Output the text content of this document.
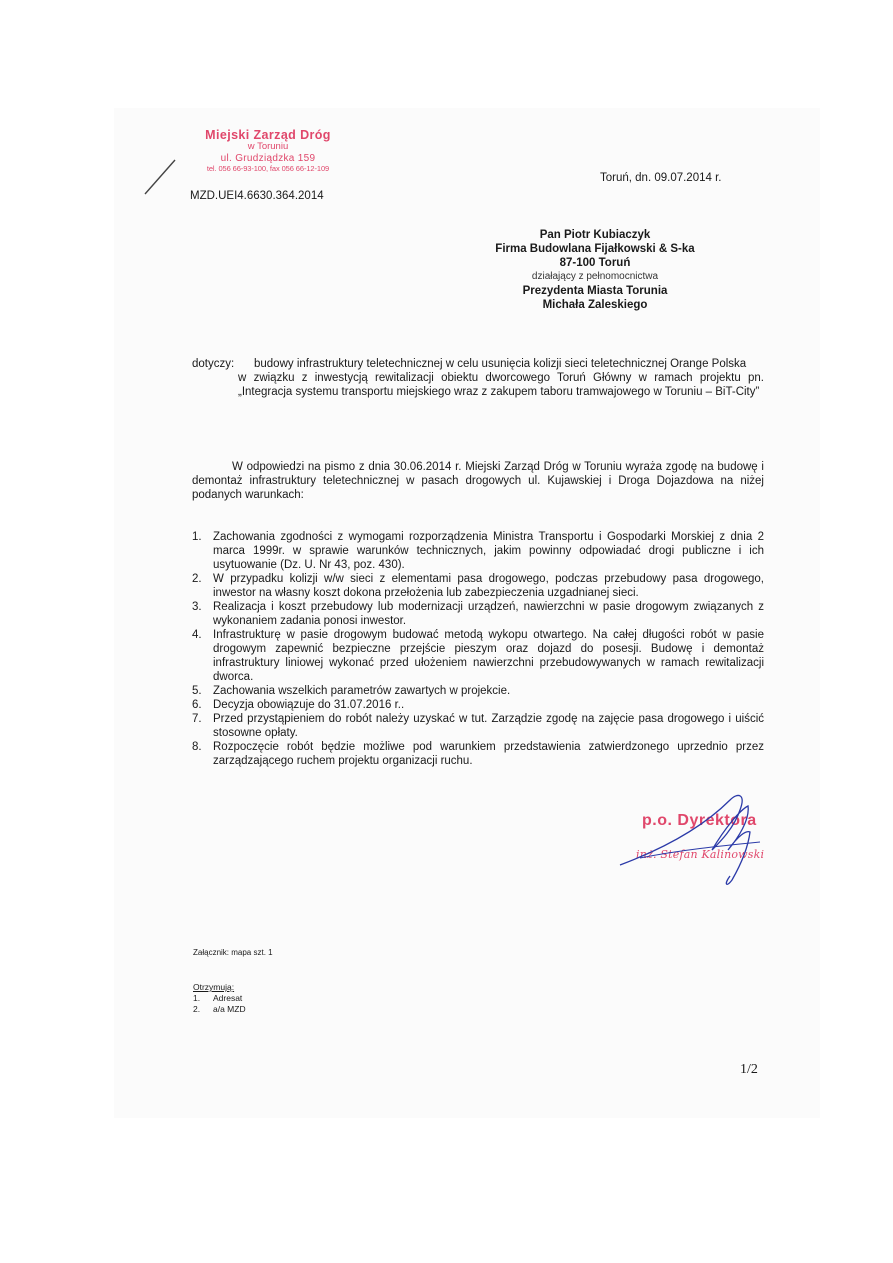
Miejski Zarząd Dróg
w Toruniu
ul. Grudziądzka 159
tel. 056 66-93-100, fax 056 66-12-109
MZD.UEI4.6630.364.2014
Toruń, dn. 09.07.2014 r.
Pan Piotr Kubiaczyk
Firma Budowlana Fijałkowski & S-ka
87-100 Toruń
działający z pełnomocnictwa
Prezydenta Miasta Torunia
Michała Zaleskiego
dotyczy:	budowy infrastruktury teletechnicznej w celu usunięcia kolizji sieci teletechnicznej Orange Polska
w związku z inwestycją rewitalizacji obiektu dworcowego Toruń Główny w ramach projektu pn. „Integracja systemu transportu miejskiego wraz z zakupem taboru tramwajowego w Toruniu – BiT-City”
W odpowiedzi na pismo z dnia 30.06.2014 r. Miejski Zarząd Dróg w Toruniu wyraża zgodę na budowę i demontaż infrastruktury teletechnicznej w pasach drogowych ul. Kujawskiej i Droga Dojazdowa na niżej podanych warunkach:
1. Zachowania zgodności z wymogami rozporządzenia Ministra Transportu i Gospodarki Morskiej z dnia 2 marca 1999r. w sprawie warunków technicznych, jakim powinny odpowiadać drogi publiczne i ich usytuowanie (Dz. U. Nr 43, poz. 430).
2. W przypadku kolizji w/w sieci z elementami pasa drogowego, podczas przebudowy pasa drogowego, inwestor na własny koszt dokona przełożenia lub zabezpieczenia uzgadnianej sieci.
3. Realizacja i koszt przebudowy lub modernizacji urządzeń, nawierzchni w pasie drogowym związanych z wykonaniem zadania ponosi inwestor.
4. Infrastrukturę w pasie drogowym budować metodą wykopu otwartego. Na całej długości robót w pasie drogowym zapewnić bezpieczne przejście pieszym oraz dojazd do posesji. Budowę i demontaż infrastruktury liniowej wykonać przed ułożeniem nawierzchni przebudowywanych w ramach rewitalizacji dworca.
5. Zachowania wszelkich parametrów zawartych w projekcie.
6. Decyzja obowiązuje do 31.07.2016 r..
7. Przed przystąpieniem do robót należy uzyskać w tut. Zarządzie zgodę na zajęcie pasa drogowego i uiścić stosowne opłaty.
8. Rozpoczęcie robót będzie możliwe pod warunkiem przedstawienia zatwierdzonego uprzednio przez zarządzającego ruchem projektu organizacji ruchu.
p.o. Dyrektora
inż. Stefan Kalinowski
Załącznik: mapa szt. 1
Otrzymują:
1.	Adresat
2.	a/a MZD
1/2
